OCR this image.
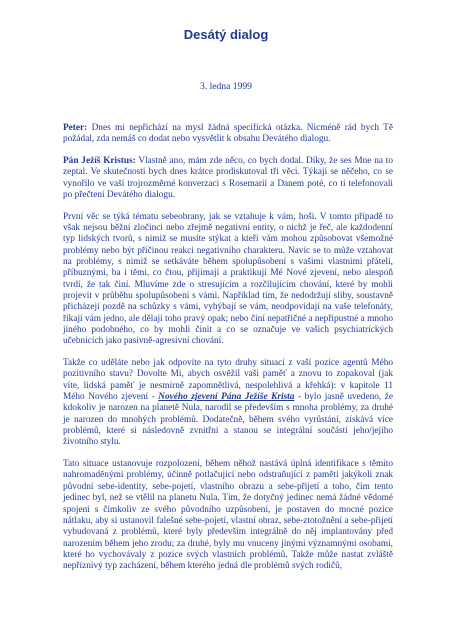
Desátý dialog
3. ledna 1999

Peter: Dnes mi nepřichází na mysl žádná specifická otázka. Nicméně rád bych Tě požádal, zda nemáš co dodat nebo vysvětlit k obsahu Devátého dialogu.

Pán Ježíš Kristus: Vlastně ano, mám zde něco, co bych dodal. Díky, že ses Mne na to zeptal. Ve skutečnosti bych dnes krátce prodiskutoval tři věci. Týkají se něčeho, co se vynořilo ve vaší trojrozměrné konverzaci s Rosemarií a Danem poté, co ti telefonovali po přečtení Devátého dialogu.

První věc se týká tématu sebeobrany, jak se vztahuje k vám, hoši. V tomto případě to však nejsou běžní zločinci nebo zřejmě negativní entity, o nichž je řeč, ale každodenní typ lidských tvorů, s nimiž se musíte stýkat a kteří vám mohou způsobovat všemožné problémy nebo být příčinou reakcí negativního charakteru. Navíc se to může vztahovat na problémy, s nimiž se setkáváte během spolupůsobení s vašimi vlastními přáteli, příbuznými, ba i těmi, co čtou, přijímají a praktikují Mé Nové zjevení, nebo alespoň tvrdí, že tak činí. Mluvíme zde o stresujícím a rozčilujícím chování, které by mohli projevit v průběhu spolupůsobení s vámi. Například tím, že nedodržují sliby, soustavně přicházejí pozdě na schůzky s vámi, vyhýbají se vám, neodpovídají na vaše telefonáty, říkají vám jedno, ale dělají toho pravý opak; nebo činí nepatřičné a nepřípustné a mnoho jiného podobného, co by mohli činit a co se označuje ve vašich psychiatrických učebnicích jako pasivně-agresivní chování.

Takže co uděláte nebo jak odpovíte na tyto druhy situací z vaší pozice agentů Mého pozitivního stavu? Dovolte Mi, abych osvěžil vaši paměť a znovu to zopakoval (jak víte, lidská paměť je nesmírně zapomnětlivá, nespolehlivá a křehká): v kapitole 11 Mého Nového zjevení - Nového zjevení Pána Ježíše Krista - bylo jasně uvedeno, že kdokoliv je narozen na planetě Nula, narodil se především s mnoha problémy, za druhé je narozen do mnohých problémů. Dodatečně, během svého vyrůstání, získává více problémů, které si následovně zvnitřní a stanou se integrální součástí jeho/jejího životního stylu.

Tato situace ustanovuje rozpolození, během něhož nastává úplná identifikace s těmito nahromaděnými problémy, účinně potlačující nebo odstraňující z paměti jakýkoli znak původní sebe-identity, sebe-pojetí, vlastního obrazu a sebe-přijetí a toho, čím tento jedinec byl, než se vtělil na planetu Nula. Tím, že dotyčný jedinec nemá žádné vědomé spojení s čímkoliv ze svého původního uzpůsobení, je postaven do mocné pozice nátlaku, aby si ustanovil falešné sebe-pojetí, vlastní obraz, sebe-ztotožnění a sebe-přijetí vybudovaná z problémů, které byly především integrálně do něj implantovány před narozením během jeho zrodu; za druhé, byly mu vnuceny jinými významnými osobami, které ho vychovávaly z pozice svých vlastních problémů. Takže může nastat zvláště nepříznivý typ zacházení, během kterého jedná dle problémů svých rodičů,
